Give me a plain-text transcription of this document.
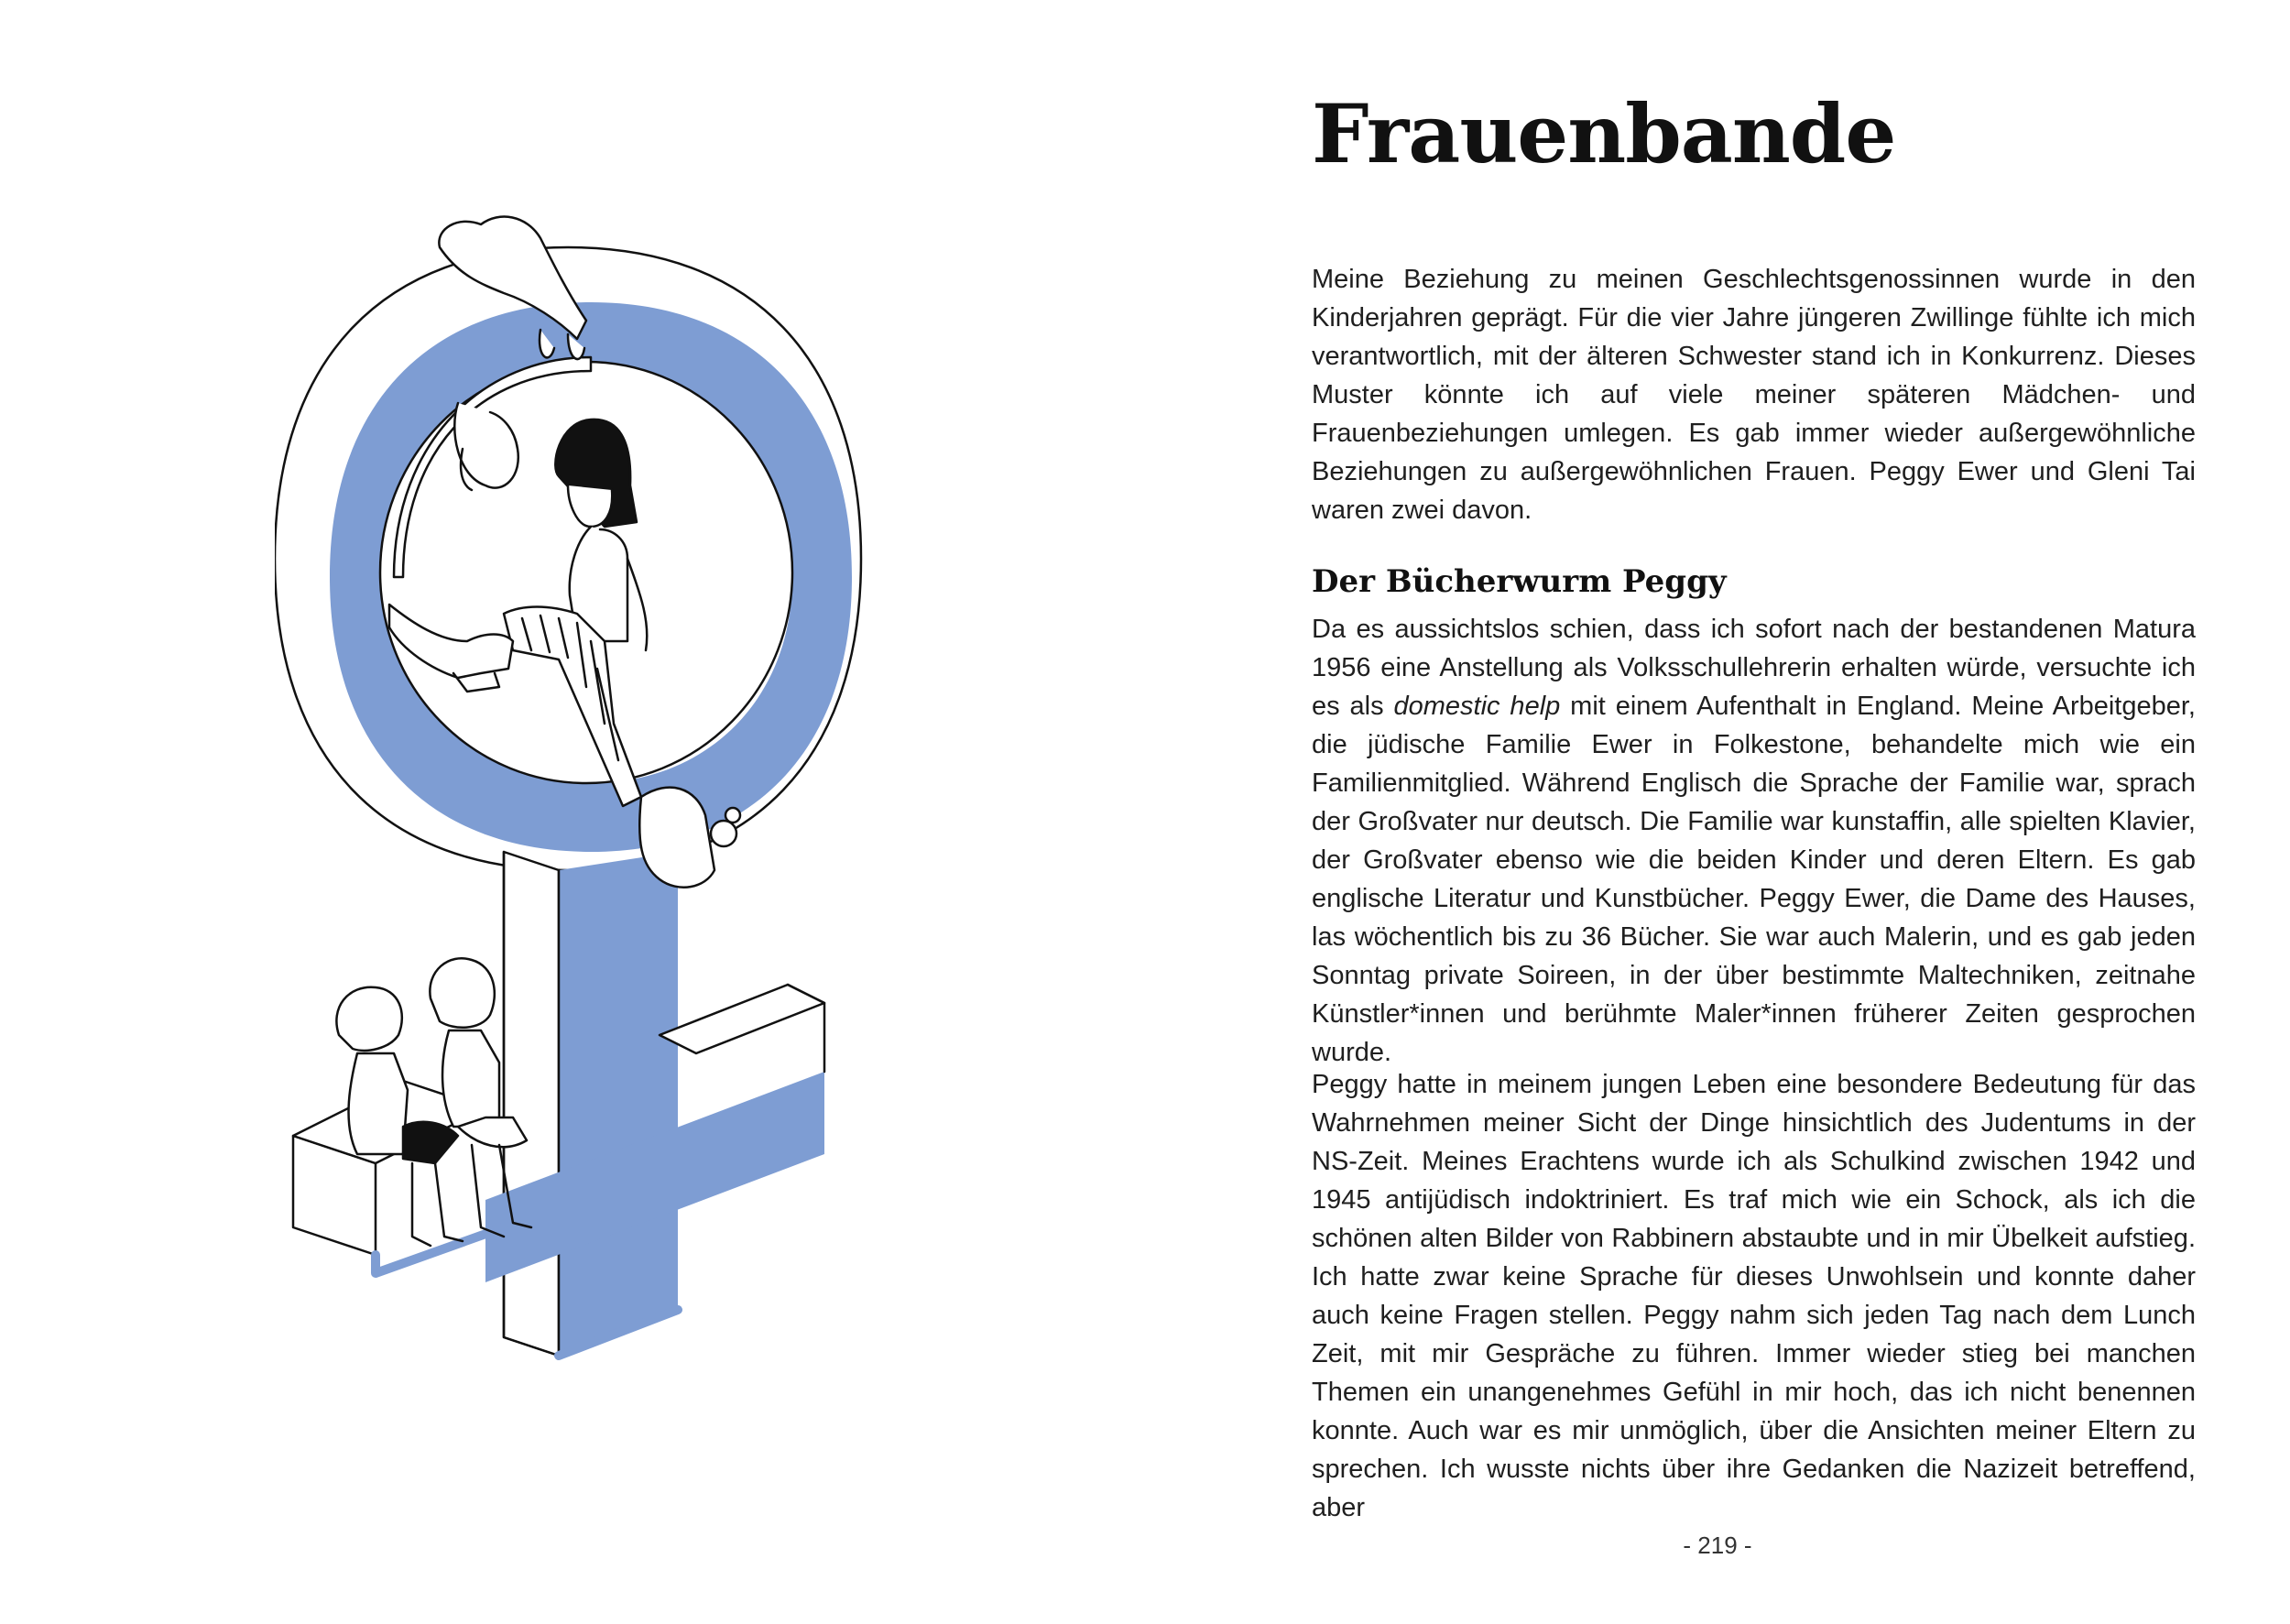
Frauenbande

Meine Beziehung zu meinen Geschlechtsgenossinnen wurde in den Kinderjahren geprägt. Für die vier Jahre jüngeren Zwillinge fühlte ich mich verantwortlich, mit der älteren Schwester stand ich in Konkurrenz. Dieses Muster könnte ich auf viele meiner späteren Mädchen- und Frauenbeziehungen umlegen. Es gab immer wieder außergewöhnliche Beziehungen zu außergewöhnlichen Frauen. Peggy Ewer und Gleni Tai waren zwei davon.

Der Bücherwurm Peggy

Da es aussichtslos schien, dass ich sofort nach der bestandenen Matura 1956 eine Anstellung als Volksschullehrerin erhalten würde, versuchte ich es als domestic help mit einem Aufenthalt in England. Meine Arbeitgeber, die jüdische Familie Ewer in Folkestone, behandelte mich wie ein Familienmitglied. Während Englisch die Sprache der Familie war, sprach der Großvater nur deutsch. Die Familie war kunstaffin, alle spielten Klavier, der Großvater ebenso wie die beiden Kinder und deren Eltern. Es gab englische Literatur und Kunstbücher. Peggy Ewer, die Dame des Hauses, las wöchentlich bis zu 36 Bücher. Sie war auch Malerin, und es gab jeden Sonntag private Soireen, in der über bestimmte Maltechniken, zeitnahe Künstler*innen und berühmte Maler*innen früherer Zeiten gesprochen wurde.

Peggy hatte in meinem jungen Leben eine besondere Bedeutung für das Wahrnehmen meiner Sicht der Dinge hinsichtlich des Judentums in der NS-Zeit. Meines Erachtens wurde ich als Schulkind zwischen 1942 und 1945 antijüdisch indoktriniert. Es traf mich wie ein Schock, als ich die schönen alten Bilder von Rabbinern abstaubte und in mir Übelkeit aufstieg. Ich hatte zwar keine Sprache für dieses Unwohlsein und konnte daher auch keine Fragen stellen. Peggy nahm sich jeden Tag nach dem Lunch Zeit, mit mir Gespräche zu führen. Immer wieder stieg bei manchen Themen ein unangenehmes Gefühl in mir hoch, das ich nicht benennen konnte. Auch war es mir unmöglich, über die Ansichten meiner Eltern zu sprechen. Ich wusste nichts über ihre Gedanken die Nazizeit betreffend, aber

- 219 -
